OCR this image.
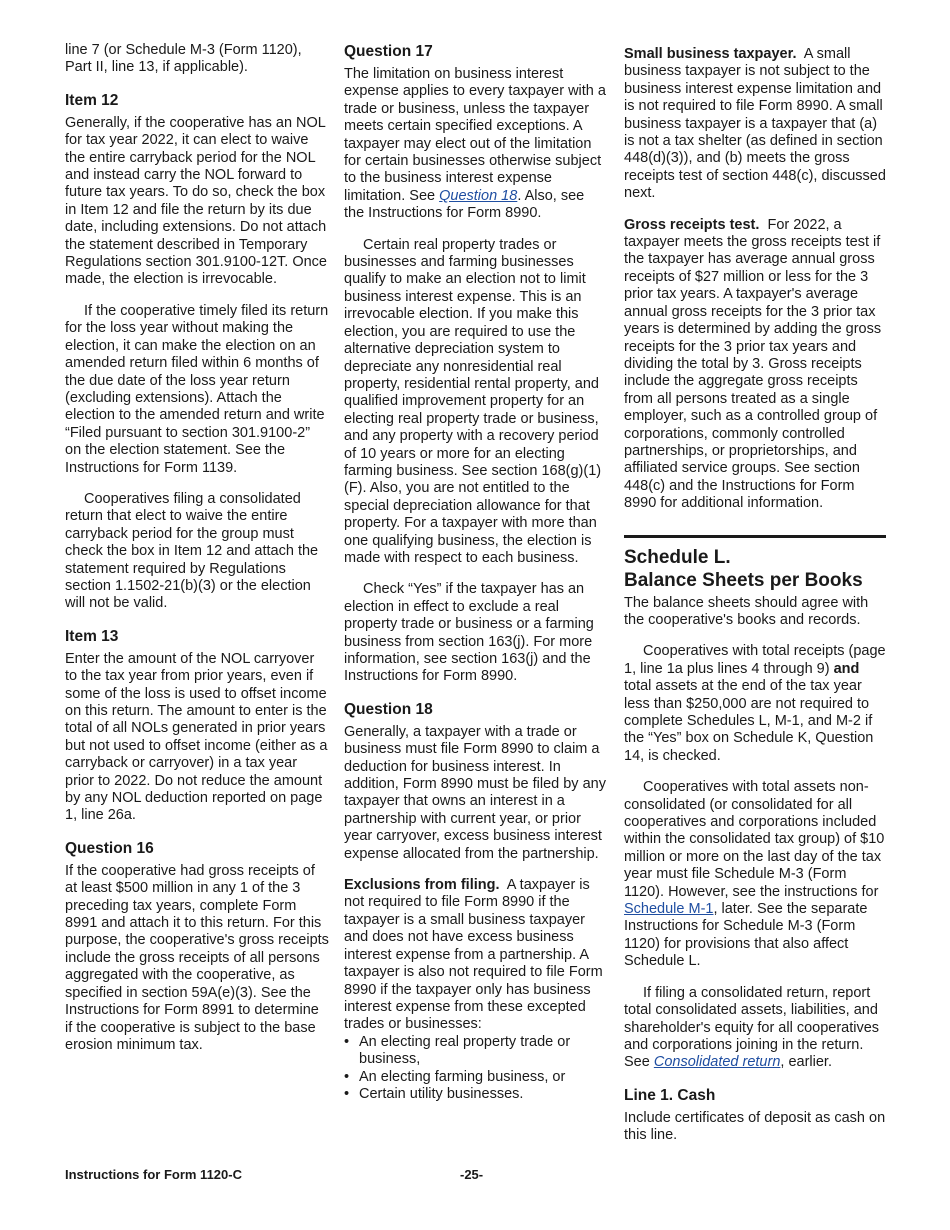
line 7 (or Schedule M-3 (Form 1120), Part II, line 13, if applicable).

Item 12

Generally, if the cooperative has an NOL for tax year 2022, it can elect to waive the entire carryback period for the NOL and instead carry the NOL forward to future tax years. To do so, check the box in Item 12 and file the return by its due date, including extensions. Do not attach the statement described in Temporary Regulations section 301.9100-12T. Once made, the election is irrevocable.

If the cooperative timely filed its return for the loss year without making the election, it can make the election on an amended return filed within 6 months of the due date of the loss year return (excluding extensions). Attach the election to the amended return and write “Filed pursuant to section 301.9100-2” on the election statement. See the Instructions for Form 1139.

Cooperatives filing a consolidated return that elect to waive the entire carryback period for the group must check the box in Item 12 and attach the statement required by Regulations section 1.1502-21(b)(3) or the election will not be valid.

Item 13

Enter the amount of the NOL carryover to the tax year from prior years, even if some of the loss is used to offset income on this return. The amount to enter is the total of all NOLs generated in prior years but not used to offset income (either as a carryback or carryover) in a tax year prior to 2022. Do not reduce the amount by any NOL deduction reported on page 1, line 26a.

Question 16

If the cooperative had gross receipts of at least $500 million in any 1 of the 3 preceding tax years, complete Form 8991 and attach it to this return. For this purpose, the cooperative's gross receipts include the gross receipts of all persons aggregated with the cooperative, as specified in section 59A(e)(3). See the Instructions for Form 8991 to determine if the cooperative is subject to the base erosion minimum tax.

Question 17

The limitation on business interest expense applies to every taxpayer with a trade or business, unless the taxpayer meets certain specified exceptions. A taxpayer may elect out of the limitation for certain businesses otherwise subject to the business interest expense limitation. See Question 18. Also, see the Instructions for Form 8990.

Certain real property trades or businesses and farming businesses qualify to make an election not to limit business interest expense. This is an irrevocable election. If you make this election, you are required to use the alternative depreciation system to depreciate any nonresidential real property, residential rental property, and qualified improvement property for an electing real property trade or business, and any property with a recovery period of 10 years or more for an electing farming business. See section 168(g)(1)(F). Also, you are not entitled to the special depreciation allowance for that property. For a taxpayer with more than one qualifying business, the election is made with respect to each business.

Check “Yes” if the taxpayer has an election in effect to exclude a real property trade or business or a farming business from section 163(j). For more information, see section 163(j) and the Instructions for Form 8990.

Question 18

Generally, a taxpayer with a trade or business must file Form 8990 to claim a deduction for business interest. In addition, Form 8990 must be filed by any taxpayer that owns an interest in a partnership with current year, or prior year carryover, excess business interest expense allocated from the partnership.

Exclusions from filing. A taxpayer is not required to file Form 8990 if the taxpayer is a small business taxpayer and does not have excess business interest expense from a partnership. A taxpayer is also not required to file Form 8990 if the taxpayer only has business interest expense from these excepted trades or businesses:

• An electing real property trade or business,
• An electing farming business, or
• Certain utility businesses.

Small business taxpayer. A small business taxpayer is not subject to the business interest expense limitation and is not required to file Form 8990. A small business taxpayer is a taxpayer that (a) is not a tax shelter (as defined in section 448(d)(3)), and (b) meets the gross receipts test of section 448(c), discussed next.

Gross receipts test. For 2022, a taxpayer meets the gross receipts test if the taxpayer has average annual gross receipts of $27 million or less for the 3 prior tax years. A taxpayer's average annual gross receipts for the 3 prior tax years is determined by adding the gross receipts for the 3 prior tax years and dividing the total by 3. Gross receipts include the aggregate gross receipts from all persons treated as a single employer, such as a controlled group of corporations, commonly controlled partnerships, or proprietorships, and affiliated service groups. See section 448(c) and the Instructions for Form 8990 for additional information.

Schedule L.
Balance Sheets per Books

The balance sheets should agree with the cooperative's books and records.

Cooperatives with total receipts (page 1, line 1a plus lines 4 through 9) and total assets at the end of the tax year less than $250,000 are not required to complete Schedules L, M-1, and M-2 if the “Yes” box on Schedule K, Question 14, is checked.

Cooperatives with total assets non-consolidated (or consolidated for all cooperatives and corporations included within the consolidated tax group) of $10 million or more on the last day of the tax year must file Schedule M-3 (Form 1120). However, see the instructions for Schedule M-1, later. See the separate Instructions for Schedule M-3 (Form 1120) for provisions that also affect Schedule L.

If filing a consolidated return, report total consolidated assets, liabilities, and shareholder's equity for all cooperatives and corporations joining in the return. See Consolidated return, earlier.

Line 1. Cash

Include certificates of deposit as cash on this line.

Instructions for Form 1120-C	-25-
